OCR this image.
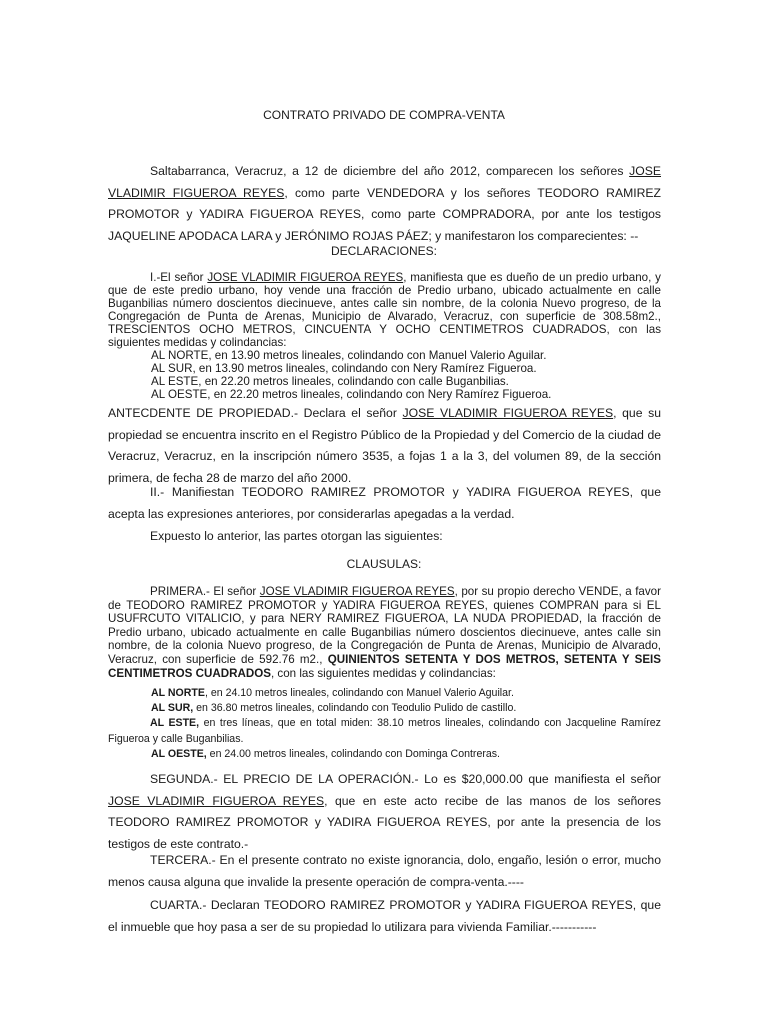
CONTRATO PRIVADO DE COMPRA-VENTA
Saltabarranca, Veracruz, a 12 de diciembre del año 2012, comparecen los señores JOSE VLADIMIR FIGUEROA REYES, como parte VENDEDORA y los señores TEODORO RAMIREZ PROMOTOR y YADIRA FIGUEROA REYES, como parte COMPRADORA, por ante los testigos JAQUELINE APODACA LARA y JERÓNIMO ROJAS PÁEZ; y manifestaron los comparecientes: --
DECLARACIONES:
I.-El señor JOSE VLADIMIR FIGUEROA REYES, manifiesta que es dueño de un predio urbano, y que de este predio urbano, hoy vende una fracción de Predio urbano, ubicado actualmente en calle Buganbilias número doscientos diecinueve, antes calle sin nombre, de la colonia Nuevo progreso, de la Congregación de Punta de Arenas, Municipio de Alvarado, Veracruz, con superficie de 308.58m2., TRESCIENTOS OCHO METROS, CINCUENTA Y OCHO CENTIMETROS CUADRADOS, con las siguientes medidas y colindancias:
AL NORTE, en 13.90 metros lineales, colindando con Manuel Valerio Aguilar.
AL SUR, en 13.90 metros lineales, colindando con Nery Ramírez Figueroa.
AL ESTE, en 22.20 metros lineales, colindando con calle Buganbilias.
AL OESTE, en 22.20 metros lineales, colindando con Nery Ramírez Figueroa.
ANTECDENTE DE PROPIEDAD.- Declara el señor JOSE VLADIMIR FIGUEROA REYES, que su propiedad se encuentra inscrito en el Registro Público de la Propiedad y del Comercio de la ciudad de Veracruz, Veracruz, en la inscripción número 3535, a fojas 1 a la 3, del volumen 89, de la sección primera, de fecha 28 de marzo del año 2000.
II.- Manifiestan TEODORO RAMIREZ PROMOTOR y YADIRA FIGUEROA REYES, que acepta las expresiones anteriores, por considerarlas apegadas a la verdad.
Expuesto lo anterior, las partes otorgan las siguientes:
CLAUSULAS:
PRIMERA.- El señor JOSE VLADIMIR FIGUEROA REYES, por su propio derecho VENDE, a favor de TEODORO RAMIREZ PROMOTOR y YADIRA FIGUEROA REYES, quienes COMPRAN para si EL USUFRCUTO VITALICIO, y para NERY RAMIREZ FIGUEROA, LA NUDA PROPIEDAD, la fracción de Predio urbano, ubicado actualmente en calle Buganbilias número doscientos diecinueve, antes calle sin nombre, de la colonia Nuevo progreso, de la Congregación de Punta de Arenas, Municipio de Alvarado, Veracruz, con superficie de 592.76 m2., QUINIENTOS SETENTA Y DOS METROS, SETENTA Y SEIS CENTIMETROS CUADRADOS, con las siguientes medidas y colindancias:
AL NORTE, en 24.10 metros lineales, colindando con Manuel Valerio Aguilar.
AL SUR, en 36.80 metros lineales, colindando con Teodulio Pulido de castillo.
AL ESTE, en tres líneas, que en total miden: 38.10 metros lineales, colindando con Jacqueline Ramírez Figueroa y calle Buganbilias.
AL OESTE, en 24.00 metros lineales, colindando con Dominga Contreras.
SEGUNDA.- EL PRECIO DE LA OPERACIÓN.- Lo es $20,000.00 que manifiesta el señor JOSE VLADIMIR FIGUEROA REYES, que en este acto recibe de las manos de los señores TEODORO RAMIREZ PROMOTOR y YADIRA FIGUEROA REYES, por ante la presencia de los testigos de este contrato.-
TERCERA.- En el presente contrato no existe ignorancia, dolo, engaño, lesión o error, mucho menos causa alguna que invalide la presente operación de compra-venta.----
CUARTA.- Declaran TEODORO RAMIREZ PROMOTOR y YADIRA FIGUEROA REYES, que el inmueble que hoy pasa a ser de su propiedad lo utilizara para vivienda Familiar.-----------
